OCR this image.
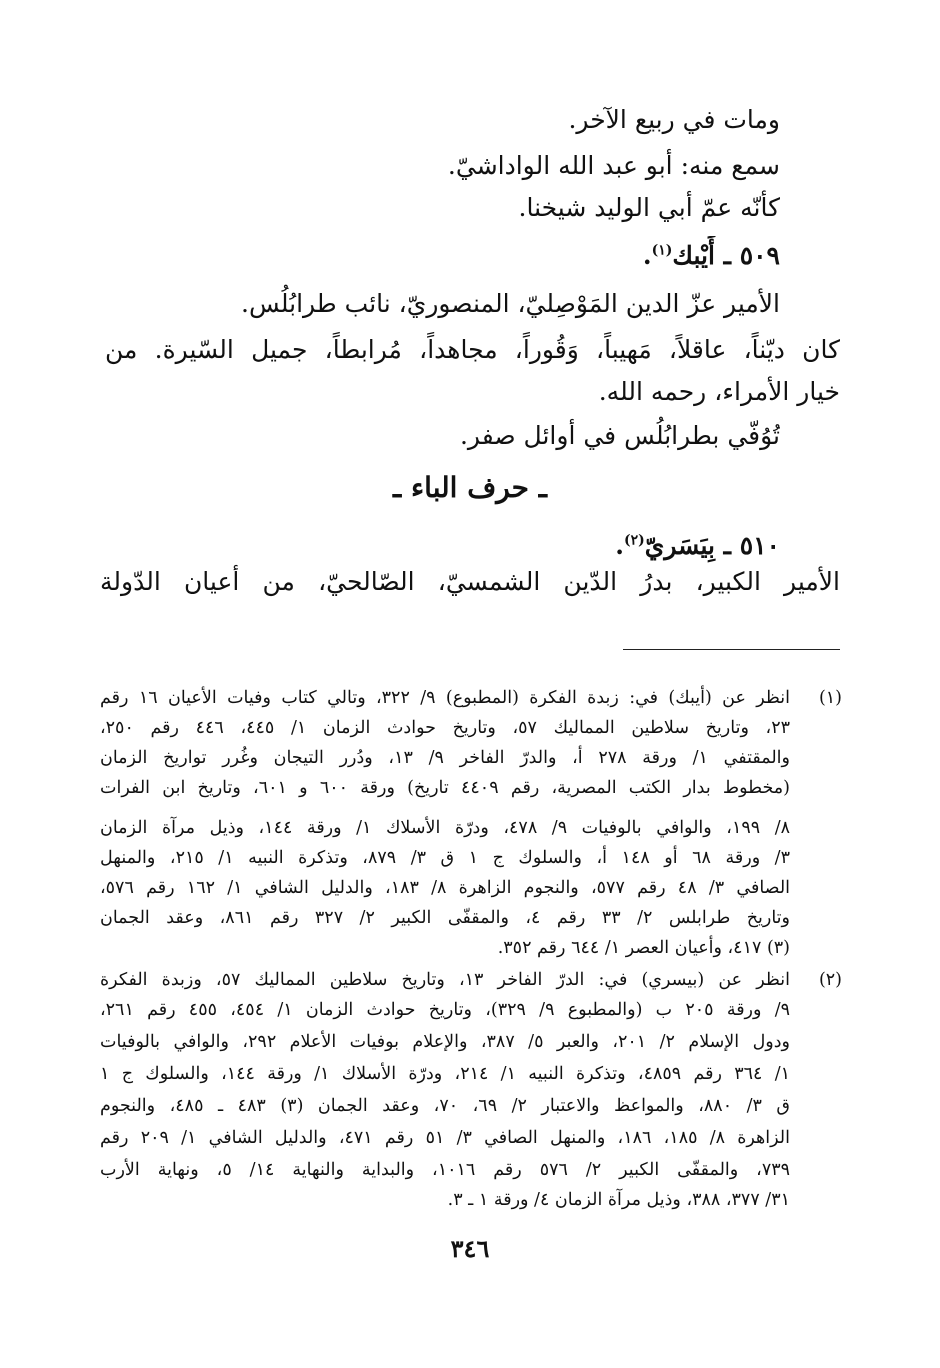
ومات في ربيع الآخر.
سمع منه: أبو عبد الله الواداشيّ.
كأنّه عمّ أبي الوليد شيخنا.
٥٠٩ ـ أَيْبك$^{(١)}$.
الأمير عزّ الدين المَوْصِليّ، المنصوريّ، نائب طرابُلُس.
كان ديّناً، عاقلاً، مَهيباً، وَقُوراً، مجاهداً، مُرابطاً، جميل السّيرة. من
خيار الأمراء، رحمه الله.
تُوُفّي بطرابُلُس في أوائل صفر.
ـ حرف الباء ـ
٥١٠ ـ بِيَسَريّ$^{(٢)}$.
الأمير الكبير، بدرُ الدّين الشمسيّ، الصّالحيّ، من أعيان الدّولة
(١)
انظر عن (أيبك) في: زبدة الفكرة (المطبوع) ٩/ ٣٢٢، وتالي كتاب وفيات الأعيان ١٦ رقم
٢٣، وتاريخ سلاطين المماليك ٥٧، وتاريخ حوادث الزمان ١/ ٤٤٥، ٤٤٦ رقم ٢٥٠،
والمقتفي ١/ ورقة ٢٧٨ أ، والدرّ الفاخر ٩/ ١٣، ودُرر التيجان وغُرر تواريخ الزمان
(مخطوط بدار الكتب المصرية، رقم ٤٤٠٩ تاريخ) ورقة ٦٠٠ و ٦٠١، وتاريخ ابن الفرات
٨/ ١٩٩، والوافي بالوفيات ٩/ ٤٧٨، ودرّة الأسلاك ١/ ورقة ١٤٤، وذيل مرآة الزمان
٣/ ورقة ٦٨ أو ١٤٨ أ، والسلوك ج ١ ق ٣/ ٨٧٩، وتذكرة النبيه ١/ ٢١٥، والمنهل
الصافي ٣/ ٤٨ رقم ٥٧٧، والنجوم الزاهرة ٨/ ١٨٣، والدليل الشافي ١/ ١٦٢ رقم ٥٧٦،
وتاريخ طرابلس ٢/ ٣٣ رقم ٤، والمقفّى الكبير ٢/ ٣٢٧ رقم ٨٦١، وعقد الجمان
(٣) ٤١٧، وأعيان العصر ١/ ٦٤٤ رقم ٣٥٢.
(٢)
انظر عن (بيسري) في: الدرّ الفاخر ١٣، وتاريخ سلاطين المماليك ٥٧، وزبدة الفكرة
٩/ ورقة ٢٠٥ ب (والمطبوع ٩/ ٣٢٩)، وتاريخ حوادث الزمان ١/ ٤٥٤، ٤٥٥ رقم ٢٦١،
ودول الإسلام ٢/ ٢٠١، والعبر ٥/ ٣٨٧، والإعلام بوفيات الأعلام ٢٩٢، والوافي بالوفيات
١/ ٣٦٤ رقم ٤٨٥٩، وتذكرة النبيه ١/ ٢١٤، ودرّة الأسلاك ١/ ورقة ١٤٤، والسلوك ج ١
ق ٣/ ٨٨٠، والمواعظ والاعتبار ٢/ ٦٩، ٧٠، وعقد الجمان (٣) ٤٨٣ ـ ٤٨٥، والنجوم
الزاهرة ٨/ ١٨٥، ١٨٦، والمنهل الصافي ٣/ ٥١ رقم ٤٧١، والدليل الشافي ١/ ٢٠٩ رقم
٧٣٩، والمقفّى الكبير ٢/ ٥٧٦ رقم ١٠١٦، والبداية والنهاية ١٤/ ٥، ونهاية الأرب
٣١/ ٣٧٧، ٣٨٨، وذيل مرآة الزمان ٤/ ورقة ١ ـ ٣.
٣٤٦
